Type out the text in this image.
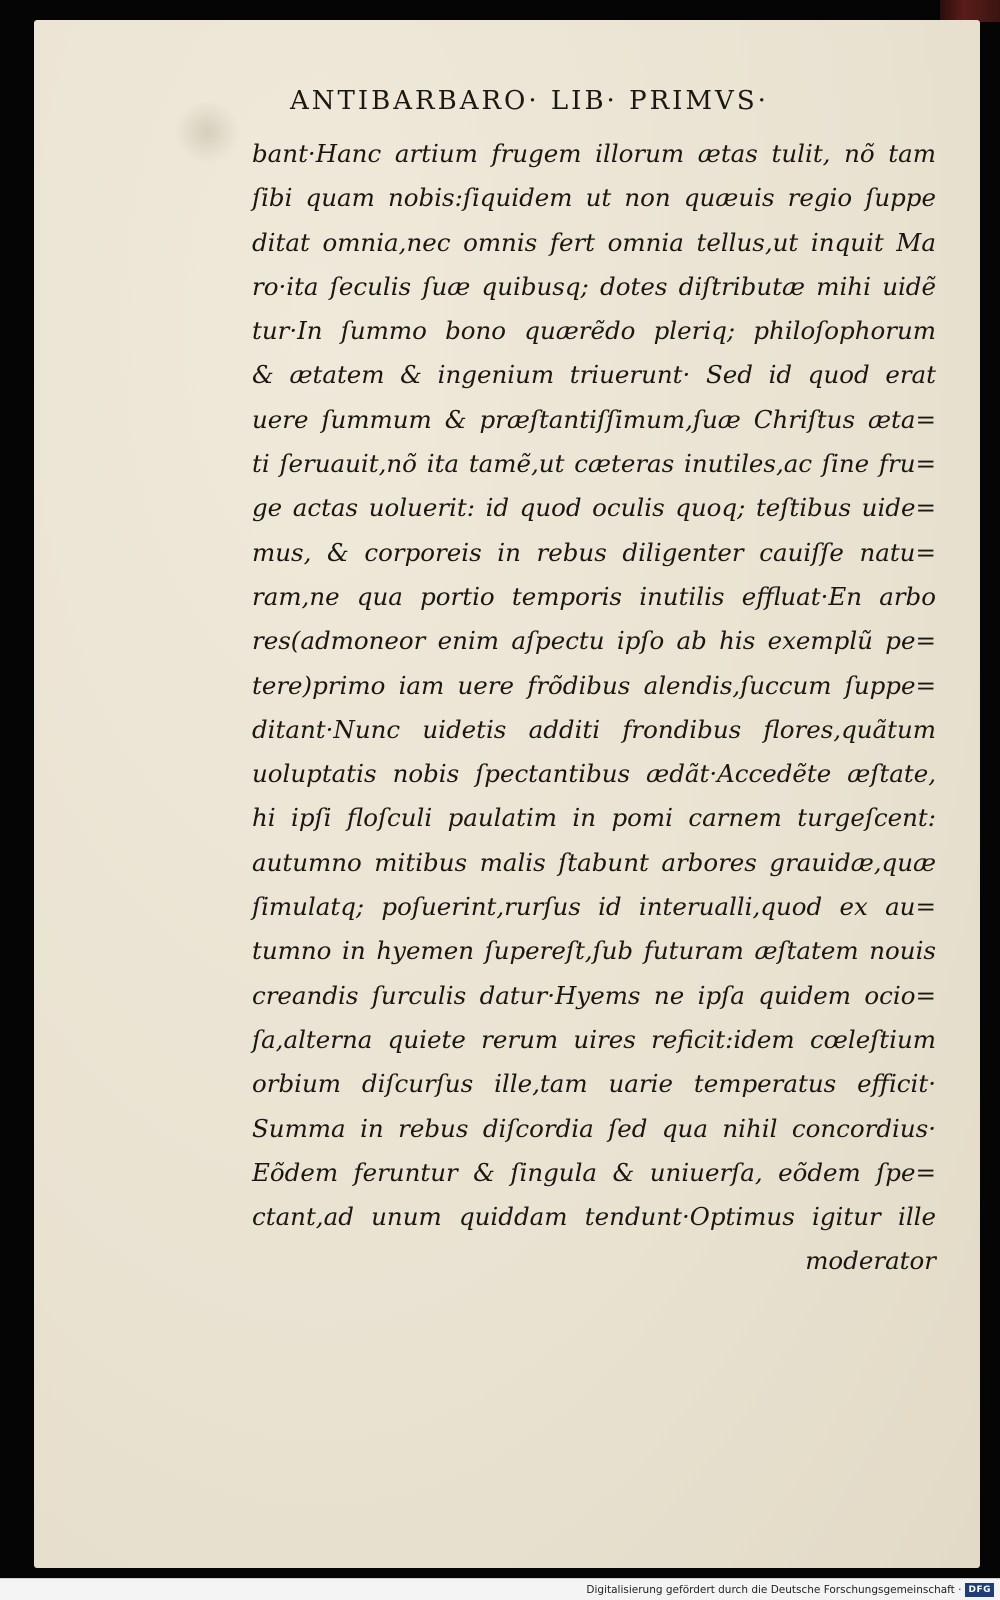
ANTIBARBARO· LIB· PRIMVS·
bant·Hanc artium frugem illorum ætas tulit, nõ tam
ſibi quam nobis:ſiquidem ut non quæuis regio ſuppe
ditat omnia,nec omnis fert omnia tellus,ut inquit Ma
ro·ita ſeculis ſuæ quibusq; dotes diſtributæ mihi uidẽ
tur·In ſummo bono quærẽdo pleriq; philoſophorum
& ætatem & ingenium triuerunt· Sed id quod erat
uere ſummum & præſtantiſſimum,ſuæ Chriſtus æta=
ti ſeruauit,nõ ita tamẽ,ut cæteras inutiles,ac ſine fru=
ge actas uoluerit: id quod oculis quoq; teſtibus uide=
mus, & corporeis in rebus diligenter cauiſſe natu=
ram,ne qua portio temporis inutilis effluat·En arbo
res(admoneor enim aſpectu ipſo ab his exemplũ pe=
tere)primo iam uere frõdibus alendis,ſuccum ſuppe=
ditant·Nunc uidetis additi frondibus flores,quãtum
uoluptatis nobis ſpectantibus ædãt·Accedẽte æſtate,
hi ipſi floſculi paulatim in pomi carnem turgeſcent:
autumno mitibus malis ſtabunt arbores grauidæ,quæ
ſimulatq; poſuerint,rurſus id interualli,quod ex au=
tumno in hyemen ſupereſt,ſub futuram æſtatem nouis
creandis ſurculis datur·Hyems ne ipſa quidem ocio=
ſa,alterna quiete rerum uires reficit:idem cœleſtium
orbium diſcurſus ille,tam uarie temperatus efficit·
Summa in rebus diſcordia ſed qua nihil concordius·
Eõdem feruntur & ſingula & uniuerſa, eõdem ſpe=
ctant,ad unum quiddam tendunt·Optimus igitur ille
moderator
Digitalisierung gefördert durch die Deutsche Forschungsgemeinschaft · DFG
